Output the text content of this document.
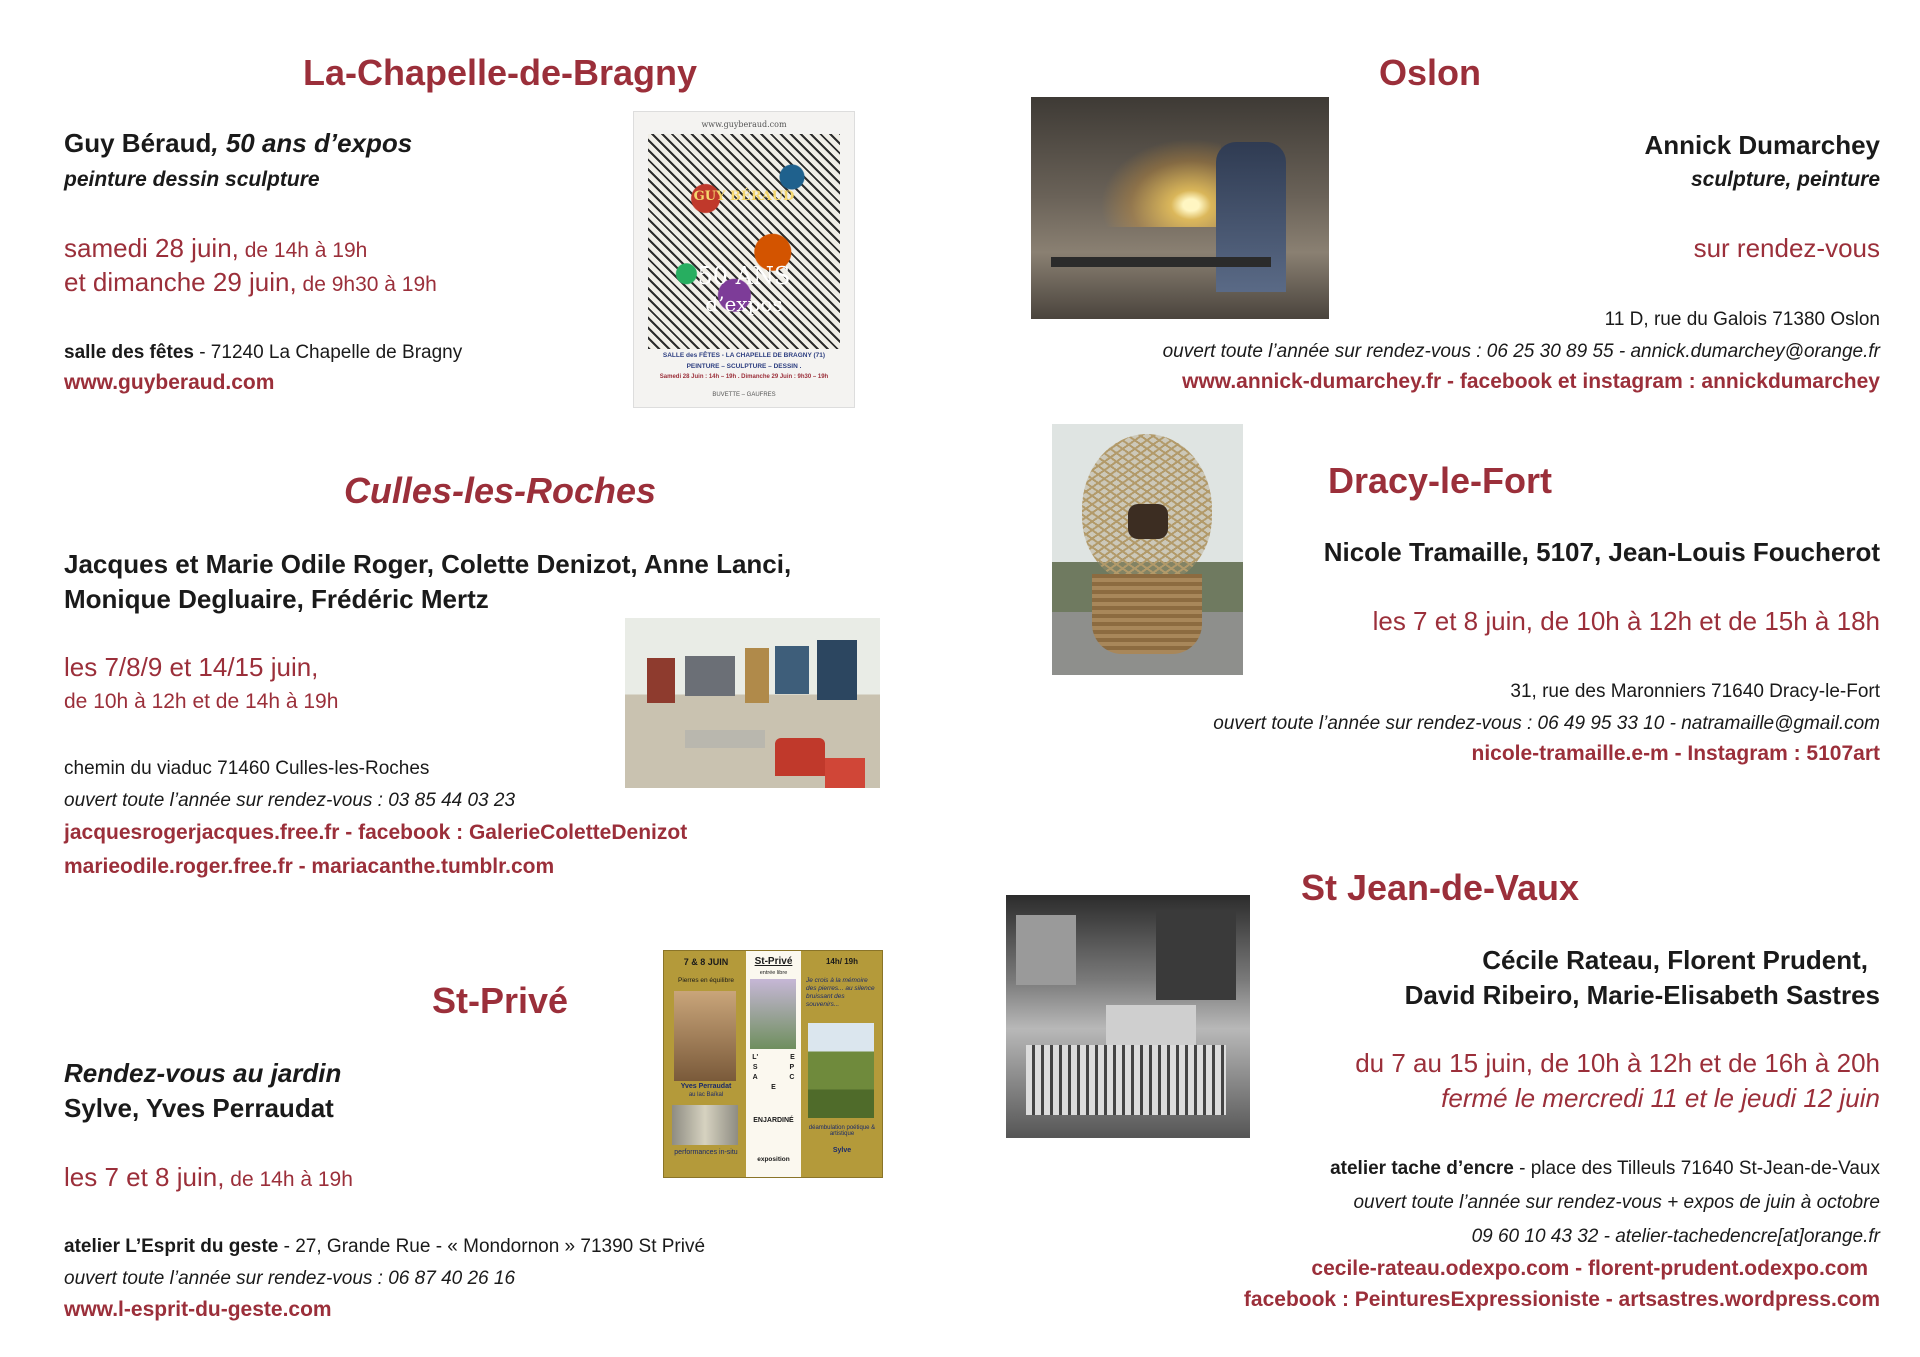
La-Chapelle-de-Bragny
Guy Béraud, 50 ans d’expos
peinture dessin sculpture
samedi 28 juin, de 14h à 19h
et dimanche 29 juin, de 9h30 à 19h
salle des fêtes - 71240 La Chapelle de Bragny
www.guyberaud.com
www.guyberaud.com
GUY BÉRAUD
50 ANS
d’expos
SALLE des FÊTES - LA CHAPELLE DE BRAGNY (71)
PEINTURE – SCULPTURE – DESSIN .
Samedi 28 Juin : 14h – 19h . Dimanche 29 Juin : 9h30 – 19h
BUVETTE – GAUFRES
Culles-les-Roches
Jacques et Marie Odile Roger, Colette Denizot, Anne Lanci,
Monique Degluaire, Frédéric Mertz
les 7/8/9 et 14/15 juin,
de 10h à 12h et de 14h à 19h
chemin du viaduc 71460 Culles-les-Roches
ouvert toute l’année sur rendez-vous : 03 85 44 03 23
jacquesrogerjacques.free.fr - facebook : GalerieColetteDenizot
marieodile.roger.free.fr - mariacanthe.tumblr.com
St-Privé
Rendez-vous au jardin
Sylve, Yves Perraudat
les 7 et 8 juin, de 14h à 19h
atelier L’Esprit du geste - 27, Grande Rue - « Mondornon » 71390 St Privé
ouvert toute l’année sur rendez-vous : 06 87 40 26 16
www.l-esprit-du-geste.com
7 & 8 JUIN
Pierres en équilibre
Yves Perraudat
au lac Baïkal
performances in-situ
St-Privé
entrée libre
L' E S P A C E
ENJARDINÉ
exposition
14h/ 19h
Je crois à la mémoire des pierres... au silence bruissant des souvenirs...
déambulation poétique & artistique
Sylve
Oslon
Annick Dumarchey
sculpture, peinture
sur rendez-vous
11 D, rue du Galois 71380 Oslon
ouvert toute l’année sur rendez-vous : 06 25 30 89 55 - annick.dumarchey@orange.fr
www.annick-dumarchey.fr - facebook et instagram : annickdumarchey
Dracy-le-Fort
Nicole Tramaille, 5107, Jean-Louis Foucherot
les 7 et 8 juin, de 10h à 12h et de 15h à 18h
31, rue des Maronniers 71640 Dracy-le-Fort
ouvert toute l’année sur rendez-vous : 06 49 95 33 10 - natramaille@gmail.com
nicole-tramaille.e-m - Instagram : 5107art
St Jean-de-Vaux
Cécile Rateau, Florent Prudent,
David Ribeiro, Marie-Elisabeth Sastres
du 7 au 15 juin, de 10h à 12h et de 16h à 20h
fermé le mercredi 11 et le jeudi 12 juin
atelier tache d’encre - place des Tilleuls 71640 St-Jean-de-Vaux
ouvert toute l’année sur rendez-vous + expos de juin à octobre
09 60 10 43 32 - atelier-tachedencre[at]orange.fr
cecile-rateau.odexpo.com - florent-prudent.odexpo.com
facebook : PeinturesExpressioniste - artsastres.wordpress.com
